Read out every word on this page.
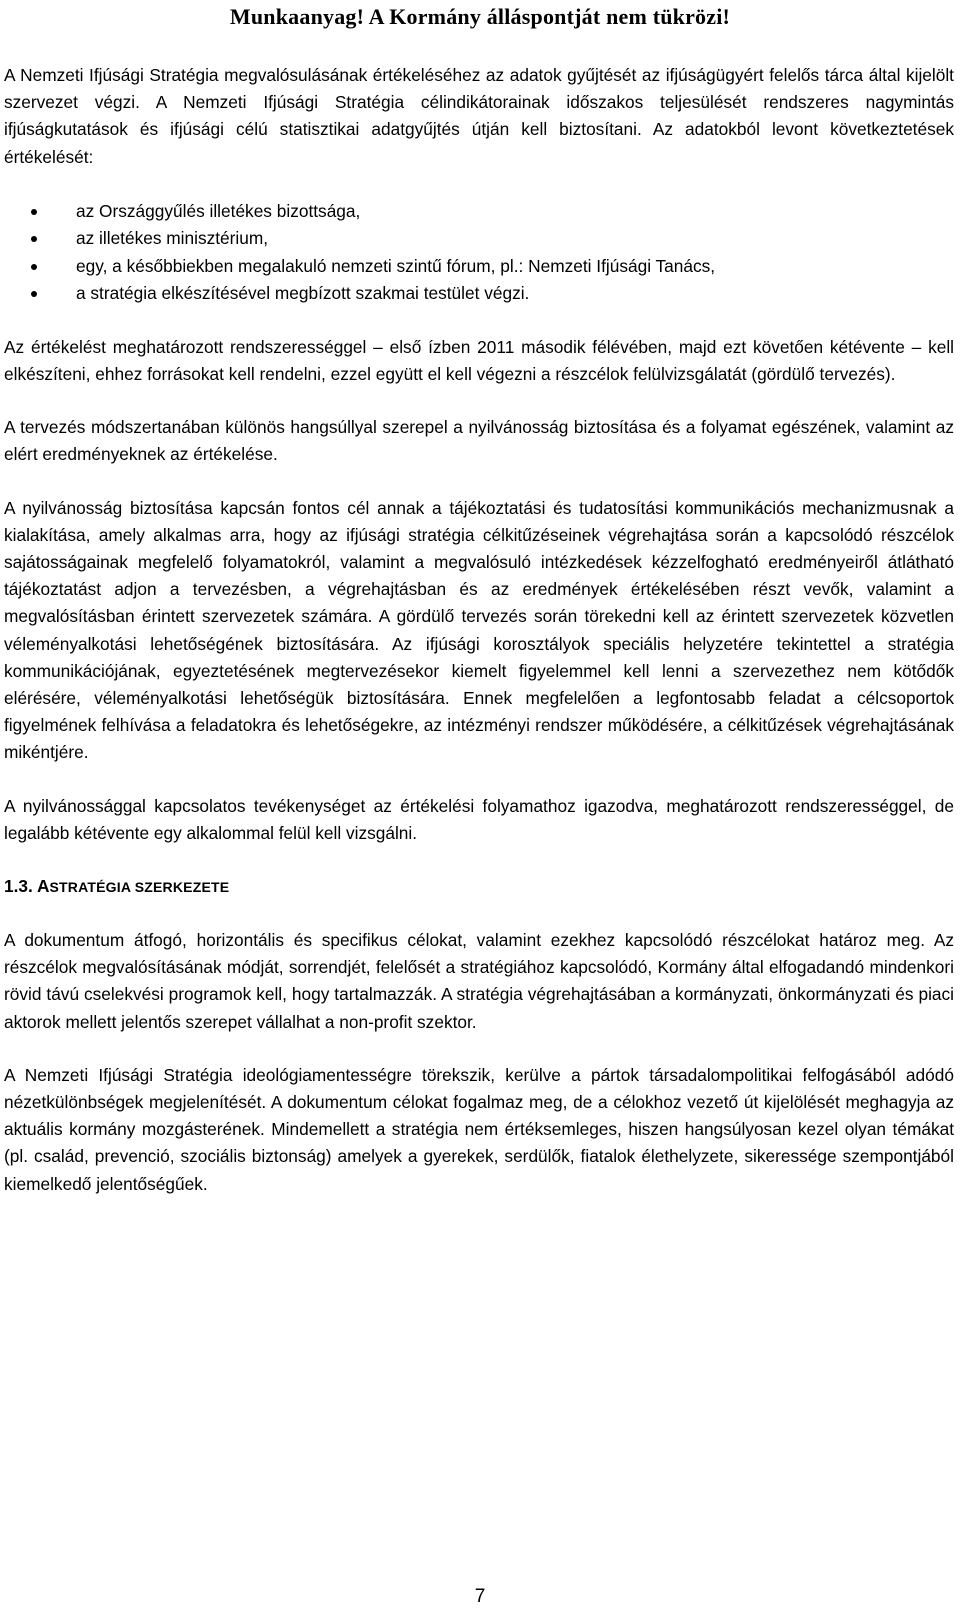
Munkaanyag! A Kormány álláspontját nem tükrözi!

A Nemzeti Ifjúsági Stratégia megvalósulásának értékeléséhez az adatok gyűjtését az ifjúságügyért felelős tárca által kijelölt szervezet végzi. A Nemzeti Ifjúsági Stratégia célindikátorainak időszakos teljesülését rendszeres nagymintás ifjúságkutatások és ifjúsági célú statisztikai adatgyűjtés útján kell biztosítani. Az adatokból levont következtetések értékelését:

az Országgyűlés illetékes bizottsága,
az illetékes minisztérium,
egy, a későbbiekben megalakuló nemzeti szintű fórum, pl.: Nemzeti Ifjúsági Tanács,
a stratégia elkészítésével megbízott szakmai testület végzi.

Az értékelést meghatározott rendszerességgel – első ízben 2011 második félévében, majd ezt követően kétévente – kell elkészíteni, ehhez forrásokat kell rendelni, ezzel együtt el kell végezni a részcélok felülvizsgálatát (gördülő tervezés).

A tervezés módszertanában különös hangsúllyal szerepel a nyilvánosság biztosítása és a folyamat egészének, valamint az elért eredményeknek az értékelése.

A nyilvánosság biztosítása kapcsán fontos cél annak a tájékoztatási és tudatosítási kommunikációs mechanizmusnak a kialakítása, amely alkalmas arra, hogy az ifjúsági stratégia célkitűzéseinek végrehajtása során a kapcsolódó részcélok sajátosságainak megfelelő folyamatokról, valamint a megvalósuló intézkedések kézzelfogható eredményeiről átlátható tájékoztatást adjon a tervezésben, a végrehajtásban és az eredmények értékelésében részt vevők, valamint a megvalósításban érintett szervezetek számára. A gördülő tervezés során törekedni kell az érintett szervezetek közvetlen véleményalkotási lehetőségének biztosítására. Az ifjúsági korosztályok speciális helyzetére tekintettel a stratégia kommunikációjának, egyeztetésének megtervezésekor kiemelt figyelemmel kell lenni a szervezethez nem kötődők elérésére, véleményalkotási lehetőségük biztosítására. Ennek megfelelően a legfontosabb feladat a célcsoportok figyelmének felhívása a feladatokra és lehetőségekre, az intézményi rendszer működésére, a célkitűzések végrehajtásának mikéntjére.

A nyilvánossággal kapcsolatos tevékenységet az értékelési folyamathoz igazodva, meghatározott rendszerességgel, de legalább kétévente egy alkalommal felül kell vizsgálni.

1.3. ASTRATÉGIA SZERKEZETE

A dokumentum átfogó, horizontális és specifikus célokat, valamint ezekhez kapcsolódó részcélokat határoz meg. Az részcélok megvalósításának módját, sorrendjét, felelősét a stratégiához kapcsolódó, Kormány által elfogadandó mindenkori rövid távú cselekvési programok kell, hogy tartalmazzák. A stratégia végrehajtásában a kormányzati, önkormányzati és piaci aktorok mellett jelentős szerepet vállalhat a non-profit szektor.

A Nemzeti Ifjúsági Stratégia ideológiamentességre törekszik, kerülve a pártok társadalompolitikai felfogásából adódó nézetkülönbségek megjelenítését. A dokumentum célokat fogalmaz meg, de a célokhoz vezető út kijelölését meghagyja az aktuális kormány mozgásterének. Mindemellett a stratégia nem értéksemleges, hiszen hangsúlyosan kezel olyan témákat (pl. család, prevenció, szociális biztonság) amelyek a gyerekek, serdülők, fiatalok élethelyzete, sikeressége szempontjából kiemelkedő jelentőségűek.

7
